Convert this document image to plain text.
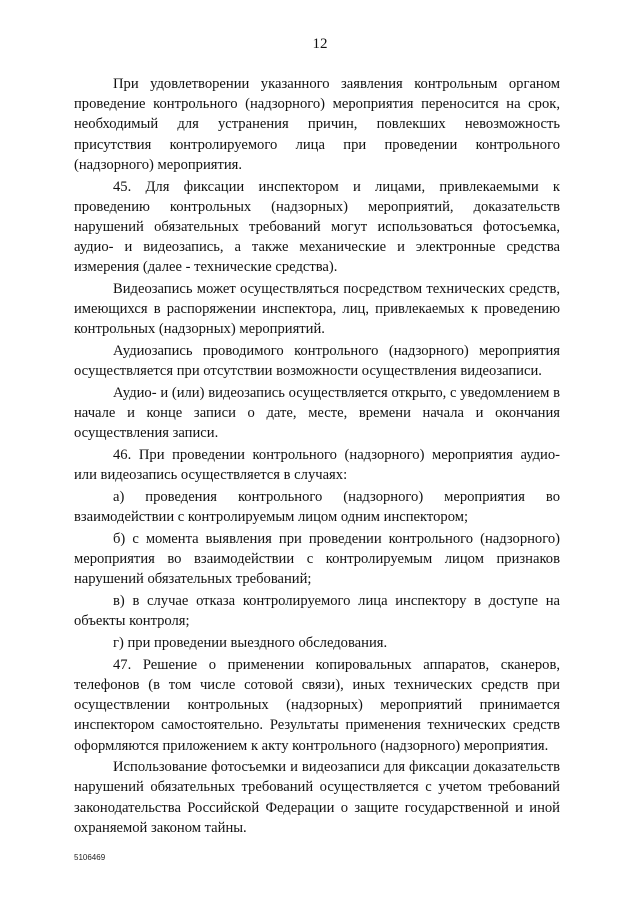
12

При удовлетворении указанного заявления контрольным органом проведение контрольного (надзорного) мероприятия переносится на срок, необходимый для устранения причин, повлекших невозможность присутствия контролируемого лица при проведении контрольного (надзорного) мероприятия.

45. Для фиксации инспектором и лицами, привлекаемыми к проведению контрольных (надзорных) мероприятий, доказательств нарушений обязательных требований могут использоваться фотосъемка, аудио- и видеозапись, а также механические и электронные средства измерения (далее - технические средства).

Видеозапись может осуществляться посредством технических средств, имеющихся в распоряжении инспектора, лиц, привлекаемых к проведению контрольных (надзорных) мероприятий.

Аудиозапись проводимого контрольного (надзорного) мероприятия осуществляется при отсутствии возможности осуществления видеозаписи.

Аудио- и (или) видеозапись осуществляется открыто, с уведомлением в начале и конце записи о дате, месте, времени начала и окончания осуществления записи.

46. При проведении контрольного (надзорного) мероприятия аудио- или видеозапись осуществляется в случаях:

а) проведения контрольного (надзорного) мероприятия во взаимодействии с контролируемым лицом одним инспектором;

б) с момента выявления при проведении контрольного (надзорного) мероприятия во взаимодействии с контролируемым лицом признаков нарушений обязательных требований;

в) в случае отказа контролируемого лица инспектору в доступе на объекты контроля;

г) при проведении выездного обследования.

47. Решение о применении копировальных аппаратов, сканеров, телефонов (в том числе сотовой связи), иных технических средств при осуществлении контрольных (надзорных) мероприятий принимается инспектором самостоятельно. Результаты применения технических средств оформляются приложением к акту контрольного (надзорного) мероприятия.

Использование фотосъемки и видеозаписи для фиксации доказательств нарушений обязательных требований осуществляется с учетом требований законодательства Российской Федерации о защите государственной и иной охраняемой законом тайны.

5106469
